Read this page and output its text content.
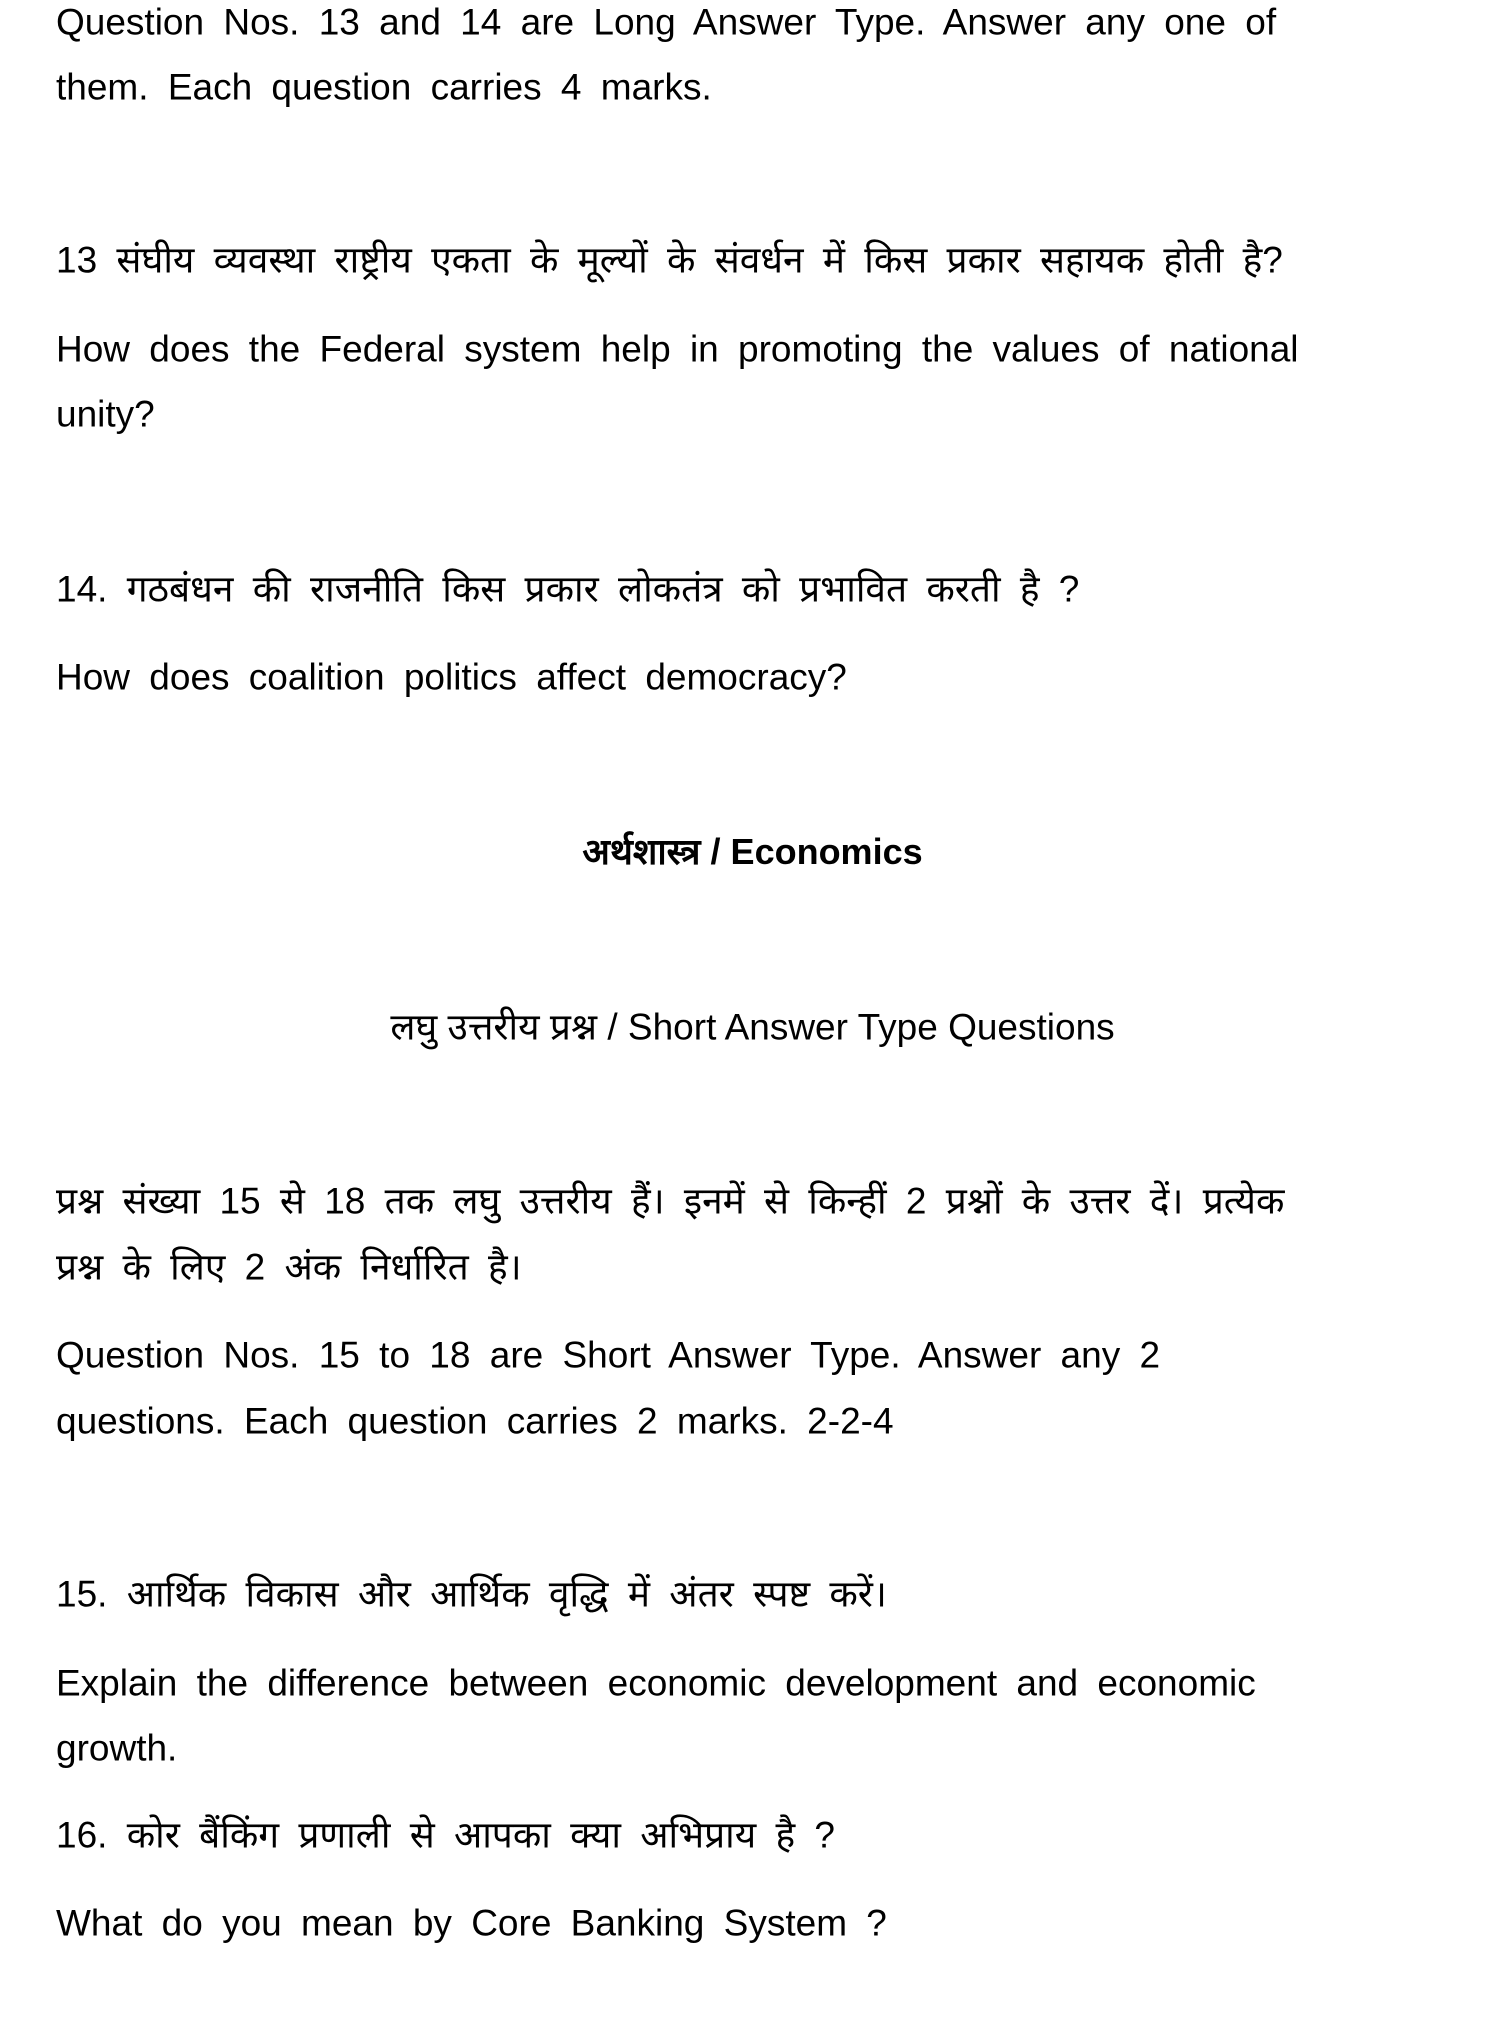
Question Nos. 13 and 14 are Long Answer Type. Answer any one of
them. Each question carries 4 marks.
13 संघीय व्यवस्था राष्ट्रीय एकता के मूल्यों के संवर्धन में किस प्रकार सहायक होती है?
How does the Federal system help in promoting the values of national
unity?
14. गठबंधन की राजनीति किस प्रकार लोकतंत्र को प्रभावित करती है ?
How does coalition politics affect democracy?
अर्थशास्त्र / Economics
लघु उत्तरीय प्रश्न / Short Answer Type Questions
प्रश्न संख्या 15 से 18 तक लघु उत्तरीय हैं। इनमें से किन्हीं 2 प्रश्नों के उत्तर दें। प्रत्येक
प्रश्न के लिए 2 अंक निर्धारित है।
Question Nos. 15 to 18 are Short Answer Type. Answer any 2
questions. Each question carries 2 marks. 2-2-4
15. आर्थिक विकास और आर्थिक वृद्धि में अंतर स्पष्ट करें।
Explain the difference between economic development and economic
growth.
16. कोर बैंकिंग प्रणाली से आपका क्या अभिप्राय है ?
What do you mean by Core Banking System ?
